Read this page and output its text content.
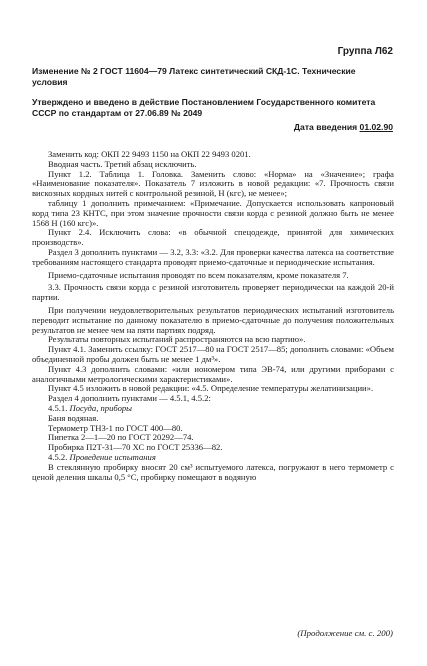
Группа Л62
Изменение № 2 ГОСТ 11604—79 Латекс синтетический СКД-1С. Технические условия
Утверждено и введено в действие Постановлением Государственного комитета СССР по стандартам от 27.06.89 № 2049
Дата введения 01.02.90

Заменить код: ОКП 22 9493 1150 на ОКП 22 9493 0201.

Вводная часть. Третий абзац исключить.

Пункт 1.2. Таблица 1. Головка. Заменить слово: «Норма» на «Значение»; графа «Наименование показателя». Показатель 7 изложить в новой редакции: «7. Прочность связи вискозных кордных нитей с контрольной резиной, Н (кгс), не менее»;

таблицу 1 дополнить примечанием: «Примечание. Допускается использовать капроновый корд типа 23 КНТС, при этом значение прочности связи корда с резиной должно быть не менее 1568 Н (160 кгс)».

Пункт 2.4. Исключить слова: «в обычной спецодежде, принятой для химических производств».

Раздел 3 дополнить пунктами — 3.2, 3.3: «3.2. Для проверки качества латекса на соответствие требованиям настоящего стандарта проводят приемо-сдаточные и периодические испытания.

Приемо-сдаточные испытания проводят по всем показателям, кроме показателя 7.

3.3. Прочность связи корда с резиной изготовитель проверяет периодически на каждой 20-й партии.

При получении неудовлетворительных результатов периодических испытаний изготовитель переводит испытание по данному показателю в приемо-сдаточные до получения положительных результатов не менее чем на пяти партиях подряд.

Результаты повторных испытаний распространяются на всю партию».

Пункт 4.1. Заменить ссылку: ГОСТ 2517—80 на ГОСТ 2517—85; дополнить словами: «Объем объединенной пробы должен быть не менее 1 дм³».

Пункт 4.3 дополнить словами: «или иономером типа ЭВ-74, или другими приборами с аналогичными метрологическими характеристиками».

Пункт 4.5 изложить в новой редакции: «4.5. Определение температуры желатинизации».

Раздел 4 дополнить пунктами — 4.5.1, 4.5.2:

4.5.1. Посуда, приборы

Баня водяная.

Термометр ТНЗ-1 по ГОСТ 400—80.

Пипетка 2—1—20 по ГОСТ 20292—74.

Пробирка П2Т-31—70 ХС по ГОСТ 25336—82.

4.5.2. Проведение испытания

В стеклянную пробирку вносят 20 см³ испытуемого латекса, погружают в него термометр с ценой деления шкалы 0,5 °С, пробирку помещают в водяную

(Продолжение см. с. 200)
